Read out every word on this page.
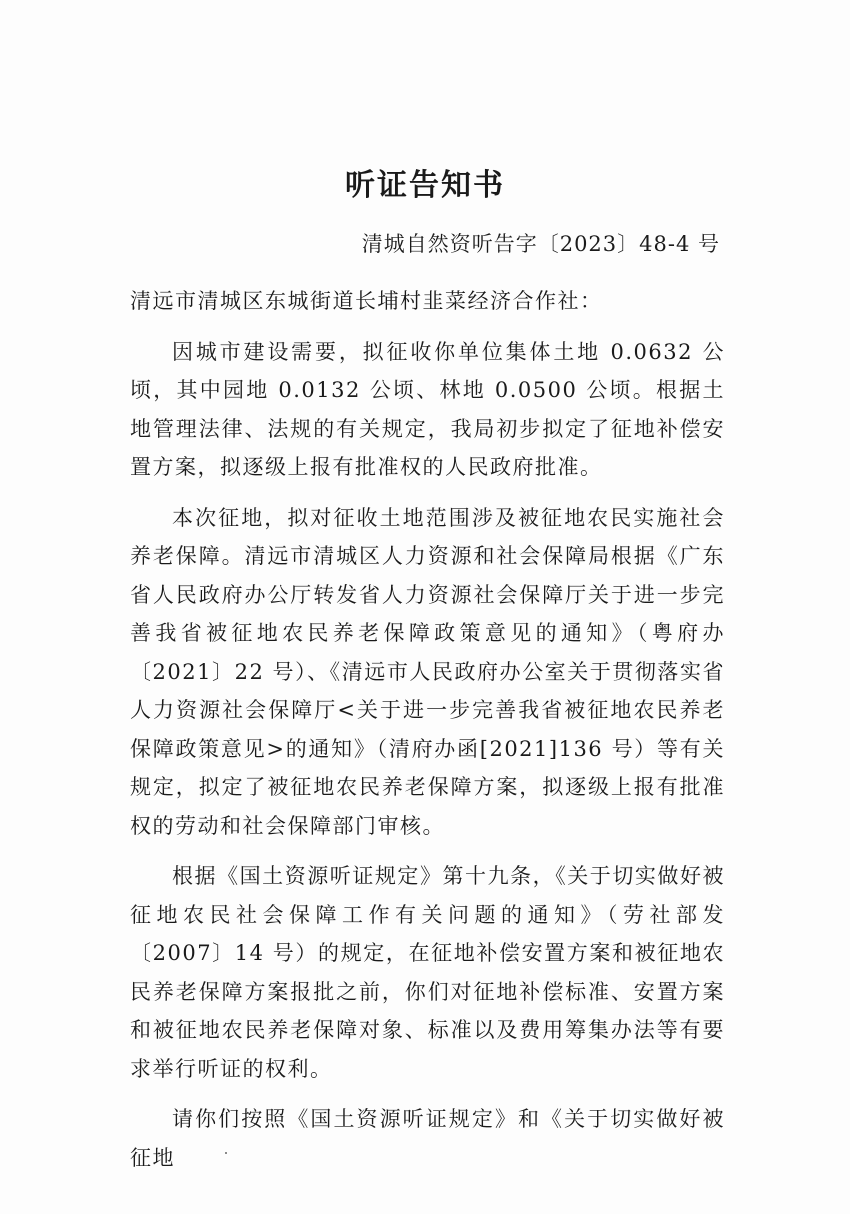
听证告知书
清城自然资听告字〔2023〕48-4 号

清远市清城区东城街道长埔村韭菜经济合作社：

因城市建设需要，拟征收你单位集体土地 0.0632 公顷，其中园地 0.0132 公顷、林地 0.0500 公顷。根据土地管理法律、法规的有关规定，我局初步拟定了征地补偿安置方案，拟逐级上报有批准权的人民政府批准。

本次征地，拟对征收土地范围涉及被征地农民实施社会养老保障。清远市清城区人力资源和社会保障局根据《广东省人民政府办公厅转发省人力资源社会保障厅关于进一步完善我省被征地农民养老保障政策意见的通知》（粤府办〔2021〕22 号）、《清远市人民政府办公室关于贯彻落实省人力资源社会保障厅<关于进一步完善我省被征地农民养老保障政策意见>的通知》（清府办函[2021]136 号）等有关规定，拟定了被征地农民养老保障方案，拟逐级上报有批准权的劳动和社会保障部门审核。

根据《国土资源听证规定》第十九条，《关于切实做好被征地农民社会保障工作有关问题的通知》（劳社部发〔2007〕14 号）的规定，在征地补偿安置方案和被征地农民养老保障方案报批之前，你们对征地补偿标准、安置方案和被征地农民养老保障对象、标准以及费用筹集办法等有要求举行听证的权利。

请你们按照《国土资源听证规定》和《关于切实做好被征地
